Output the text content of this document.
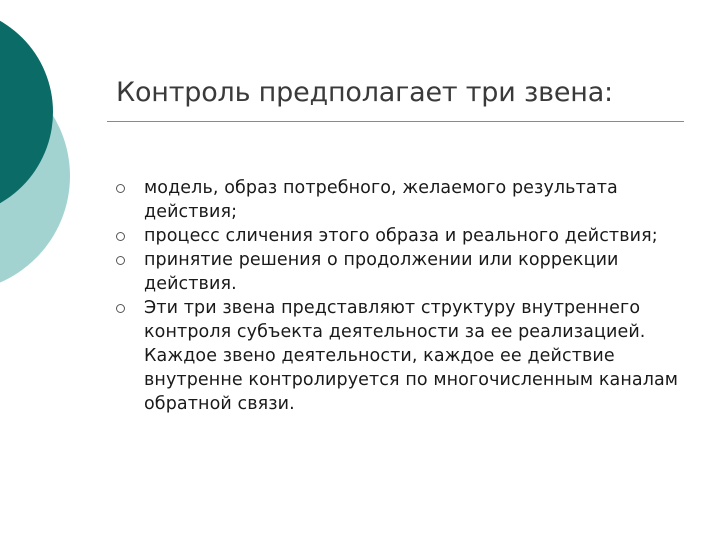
Контроль предполагает три звена:
модель, образ потребного, желаемого результата действия;
процесс сличения этого образа и реального действия;
принятие решения о продолжении или коррекции действия.
Эти три звена представляют структуру внутреннего контроля субъекта деятельности за ее реализацией. Каждое звено деятельности, каждое ее действие внутренне контролируется по многочисленным каналам обратной связи.
